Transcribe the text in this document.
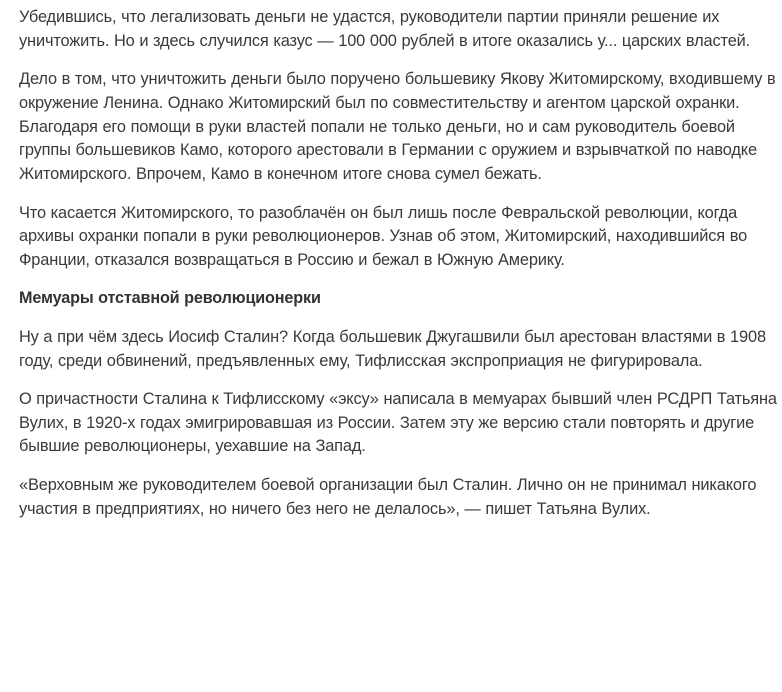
Убедившись, что легализовать деньги не удастся, руководители партии приняли решение их уничтожить. Но и здесь случился казус — 100 000 рублей в итоге оказались у... царских властей.

Дело в том, что уничтожить деньги было поручено большевику Якову Житомирскому, входившему в окружение Ленина. Однако Житомирский был по совместительству и агентом царской охранки. Благодаря его помощи в руки властей попали не только деньги, но и сам руководитель боевой группы большевиков Камо, которого арестовали в Германии с оружием и взрывчаткой по наводке Житомирского. Впрочем, Камо в конечном итоге снова сумел бежать.

Что касается Житомирского, то разоблачён он был лишь после Февральской революции, когда архивы охранки попали в руки революционеров. Узнав об этом, Житомирский, находившийся во Франции, отказался возвращаться в Россию и бежал в Южную Америку.

Мемуары отставной революционерки

Ну а при чём здесь Иосиф Сталин? Когда большевик Джугашвили был арестован властями в 1908 году, среди обвинений, предъявленных ему, Тифлисская экспроприация не фигурировала.

О причастности Сталина к Тифлисскому «эксу» написала в мемуарах бывший член РСДРП Татьяна Вулих, в 1920-х годах эмигрировавшая из России. Затем эту же версию стали повторять и другие бывшие революционеры, уехавшие на Запад.

«Верховным же руководителем боевой организации был Сталин. Лично он не принимал никакого участия в предприятиях, но ничего без него не делалось», — пишет Татьяна Вулих.
